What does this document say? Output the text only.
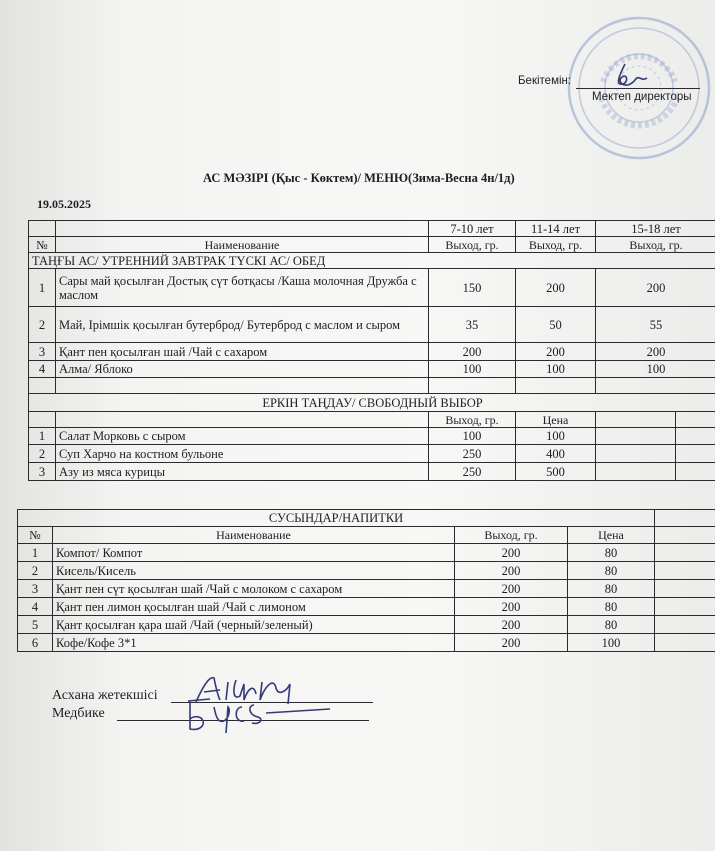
Бекітемін:
Мектеп директоры
АС МӘЗІРІ (Қыс - Көктем)/ МЕНЮ(Зима-Весна 4н/1д)
19.05.2025
		7-10 лет	11-14 лет	15-18 лет	
№	Наименование	Выход, гр.	Выход, гр.	Выход, гр.	
ТАҢҒЫ АС/ УТРЕННИЙ ЗАВТРАК ТҮСКІ АС/ ОБЕД					
1	Сары май қосылған Достық сүт ботқасы /Каша молочная Дружба с маслом	150	200	200	
2	Май, Ірімшік қосылған бутерброд/ Бутерброд с маслом и сыром	35	50	55	
3	Қант пен қосылған шай /Чай с сахаром	200	200	200	
4	Алма/ Яблоко	100	100	100	

ЕРКІН ТАҢДАУ/ СВОБОДНЫЙ ВЫБОР					
		Выход, гр.	Цена		
1	Салат Морковь с сыром	100	100		
2	Суп Харчо на костном бульоне	250	400		
3	Азу из мяса курицы	250	500		
СУСЫНДАР/НАПИТКИ				
№	Наименование	Выход, гр.	Цена	
1	Компот/ Компот	200	80	
2	Кисель/Кисель	200	80	
3	Қант пен сүт қосылған шай /Чай с молоком с сахаром	200	80	
4	Қант пен лимон қосылған шай /Чай с лимоном	200	80	
5	Қант қосылған қара шай /Чай (черный/зеленый)	200	80	
6	Кофе/Кофе 3*1	200	100	
Асхана жетекшісі
Медбике
